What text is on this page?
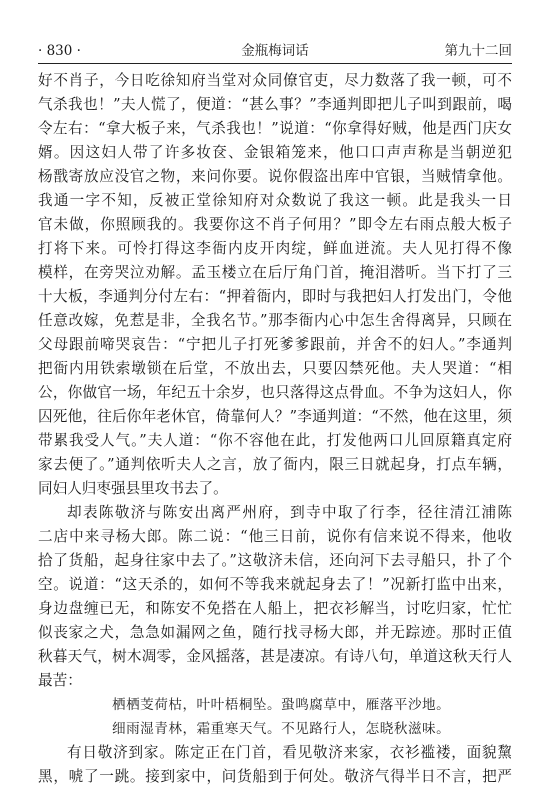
· 830 ·	金瓶梅词话	第九十二回
好不肖子，今日吃徐知府当堂对众同僚官吏，尽力数落了我一顿，可不
气杀我也！”夫人慌了，便道：“甚么事？”李通判即把儿子叫到跟前，喝
令左右：“拿大板子来，气杀我也！”说道：“你拿得好贼，他是西门庆女
婿。因这妇人带了许多妆奁、金银箱笼来，他口口声声称是当朝逆犯
杨戬寄放应没官之物，来问你要。说你假盗出库中官银，当贼情拿他。
我通一字不知，反被正堂徐知府对众数说了我这一顿。此是我头一日
官未做，你照顾我的。我要你这不肖子何用？”即令左右雨点般大板子
打将下来。可怜打得这李衙内皮开肉绽，鲜血迸流。夫人见打得不像
模样，在旁哭泣劝解。孟玉楼立在后厅角门首，掩泪潜听。当下打了三
十大板，李通判分付左右：“押着衙内，即时与我把妇人打发出门，令他
任意改嫁，免惹是非，全我名节。”那李衙内心中怎生舍得离异，只顾在
父母跟前啼哭哀告：“宁把儿子打死爹爹跟前，并舍不的妇人。”李通判
把衙内用铁索墩锁在后堂，不放出去，只要囚禁死他。夫人哭道：“相
公，你做官一场，年纪五十余岁，也只落得这点骨血。不争为这妇人，你
囚死他，往后你年老休官，倚靠何人？”李通判道：“不然，他在这里，须
带累我受人气。”夫人道：“你不容他在此，打发他两口儿回原籍真定府
家去便了。”通判依听夫人之言，放了衙内，限三日就起身，打点车辆，
同妇人归枣强县里攻书去了。
却表陈敬济与陈安出离严州府，到寺中取了行李，径往清江浦陈
二店中来寻杨大郎。陈二说：“他三日前，说你有信来说不得来，他收
拾了货船，起身往家中去了。”这敬济未信，还向河下去寻船只，扑了个
空。说道：“这天杀的，如何不等我来就起身去了！”况新打监中出来，
身边盘缠已无，和陈安不免搭在人船上，把衣衫解当，讨吃归家，忙忙
似丧家之犬，急急如漏网之鱼，随行找寻杨大郎，并无踪迹。那时正值
秋暮天气，树木凋零，金风摇落，甚是凄凉。有诗八句，单道这秋天行人
最苦：
栖栖芰荷枯，叶叶梧桐坠。蛩鸣腐草中，雁落平沙地。
细雨湿青林，霜重寒天气。不见路行人，怎晓秋滋味。
有日敬济到家。陈定正在门首，看见敬济来家，衣衫褴褛，面貌黧
黑，唬了一跳。接到家中，问货船到于何处。敬济气得半日不言，把严
